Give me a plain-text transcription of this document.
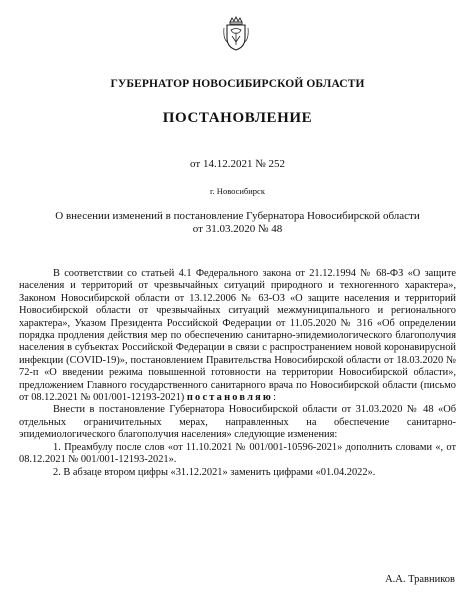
ГУБЕРНАТОР НОВОСИБИРСКОЙ ОБЛАСТИ
ПОСТАНОВЛЕНИЕ
от 14.12.2021 № 252
г. Новосибирск
О внесении изменений в постановление Губернатора Новосибирской области
от 31.03.2020 № 48

В соответствии со статьей 4.1 Федерального закона от 21.12.1994 № 68-ФЗ «О защите населения и территорий от чрезвычайных ситуаций природного и техногенного характера», Законом Новосибирской области от 13.12.2006 № 63-ОЗ «О защите населения и территорий Новосибирской области от чрезвычайных ситуаций межмуниципального и регионального характера», Указом Президента Российской Федерации от 11.05.2020 № 316 «Об определении порядка продления действия мер по обеспечению санитарно-эпидемиологического благополучия населения в субъектах Российской Федерации в связи с распространением новой коронавирусной инфекции (COVID-19)», постановлением Правительства Новосибирской области от 18.03.2020 № 72-п «О введении режима повышенной готовности на территории Новосибирской области», предложением Главного государственного санитарного врача по Новосибирской области (письмо от 08.12.2021 № 001/001-12193-2021) постановляю:

Внести в постановление Губернатора Новосибирской области от 31.03.2020 № 48 «Об отдельных ограничительных мерах, направленных на обеспечение санитарно-эпидемиологического благополучия населения» следующие изменения:

1. Преамбулу после слов «от 11.10.2021 № 001/001-10596-2021» дополнить словами «, от 08.12.2021 № 001/001-12193-2021».

2. В абзаце втором цифры «31.12.2021» заменить цифрами «01.04.2022».

А.А. Травников
